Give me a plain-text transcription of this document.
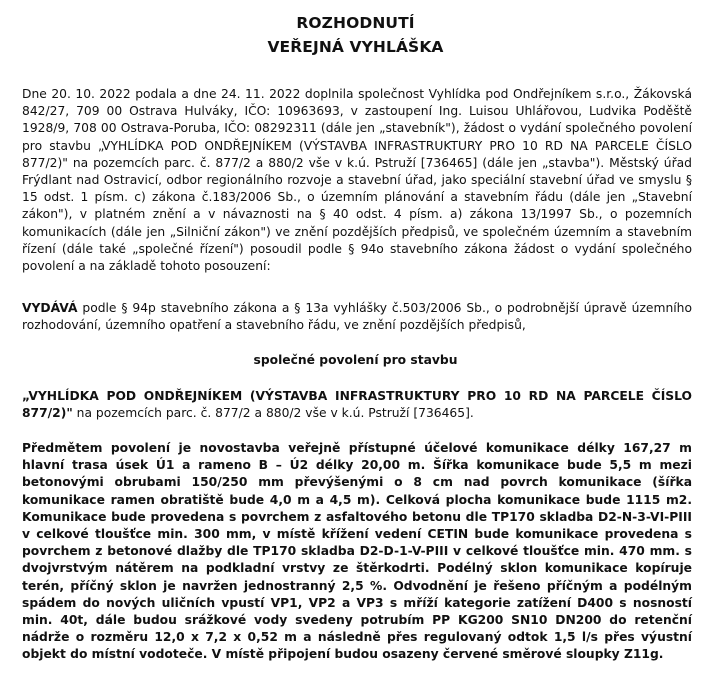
ROZHODNUTÍ
VEŘEJNÁ VYHLÁŠKA

Dne 20. 10. 2022 podala a dne 24. 11. 2022 doplnila společnost Vyhlídka pod Ondřejníkem s.r.o., Žákovská 842/27, 709 00 Ostrava Hulváky, IČO: 10963693, v zastoupení Ing. Luisou Uhlářovou, Ludvika Poděště 1928/9, 708 00 Ostrava-Poruba, IČO: 08292311 (dále jen „stavebník"), žádost o vydání společného povolení pro stavbu „VYHLÍDKA POD ONDŘEJNÍKEM (VÝSTAVBA INFRASTRUKTURY PRO 10 RD NA PARCELE ČÍSLO 877/2)" na pozemcích parc. č. 877/2 a 880/2 vše v k.ú. Pstruží [736465] (dále jen „stavba"). Městský úřad Frýdlant nad Ostravicí, odbor regionálního rozvoje a stavební úřad, jako speciální stavební úřad ve smyslu § 15 odst. 1 písm. c) zákona č.183/2006 Sb., o územním plánování a stavebním řádu (dále jen „Stavební zákon"), v platném znění a v návaznosti na § 40 odst. 4 písm. a) zákona 13/1997 Sb., o pozemních komunikacích (dále jen „Silniční zákon") ve znění pozdějších předpisů, ve společném územním a stavebním řízení (dále také „společné řízení") posoudil podle § 94o stavebního zákona žádost o vydání společného povolení a na základě tohoto posouzení:

VYDÁVÁ podle § 94p stavebního zákona a § 13a vyhlášky č.503/2006 Sb., o podrobnější úpravě územního rozhodování, územního opatření a stavebního řádu, ve znění pozdějších předpisů,

společné povolení pro stavbu

„VYHLÍDKA POD ONDŘEJNÍKEM (VÝSTAVBA INFRASTRUKTURY PRO 10 RD NA PARCELE ČÍSLO 877/2)" na pozemcích parc. č. 877/2 a 880/2 vše v k.ú. Pstruží [736465].

Předmětem povolení je novostavba veřejně přístupné účelové komunikace délky 167,27 m hlavní trasa úsek Ú1 a rameno B – Ú2 délky 20,00 m. Šířka komunikace bude 5,5 m mezi betonovými obrubami 150/250 mm převýšenými o 8 cm nad povrch komunikace (šířka komunikace ramen obratiště bude 4,0 m a 4,5 m). Celková plocha komunikace bude 1115 m2. Komunikace bude provedena s povrchem z asfaltového betonu dle TP170 skladba D2-N-3-VI-PIII v celkové tloušťce min. 300 mm, v místě křížení vedení CETIN bude komunikace provedena s povrchem z betonové dlažby dle TP170 skladba D2-D-1-V-PIII v celkové tloušťce min. 470 mm. s dvojvrstvým nátěrem na podkladní vrstvy ze štěrkodrti. Podélný sklon komunikace kopíruje terén, příčný sklon je navržen jednostranný 2,5 %. Odvodnění je řešeno příčným a podélným spádem do nových uličních vpustí VP1, VP2 a VP3 s mříží kategorie zatížení D400 s nosností min. 40t, dále budou srážkové vody svedeny potrubím PP KG200 SN10 DN200 do retenční nádrže o rozměru 12,0 x 7,2 x 0,52 m a následně přes regulovaný odtok 1,5 l/s přes výustní objekt do místní vodoteče. V místě připojení budou osazeny červené směrové sloupky Z11g.
